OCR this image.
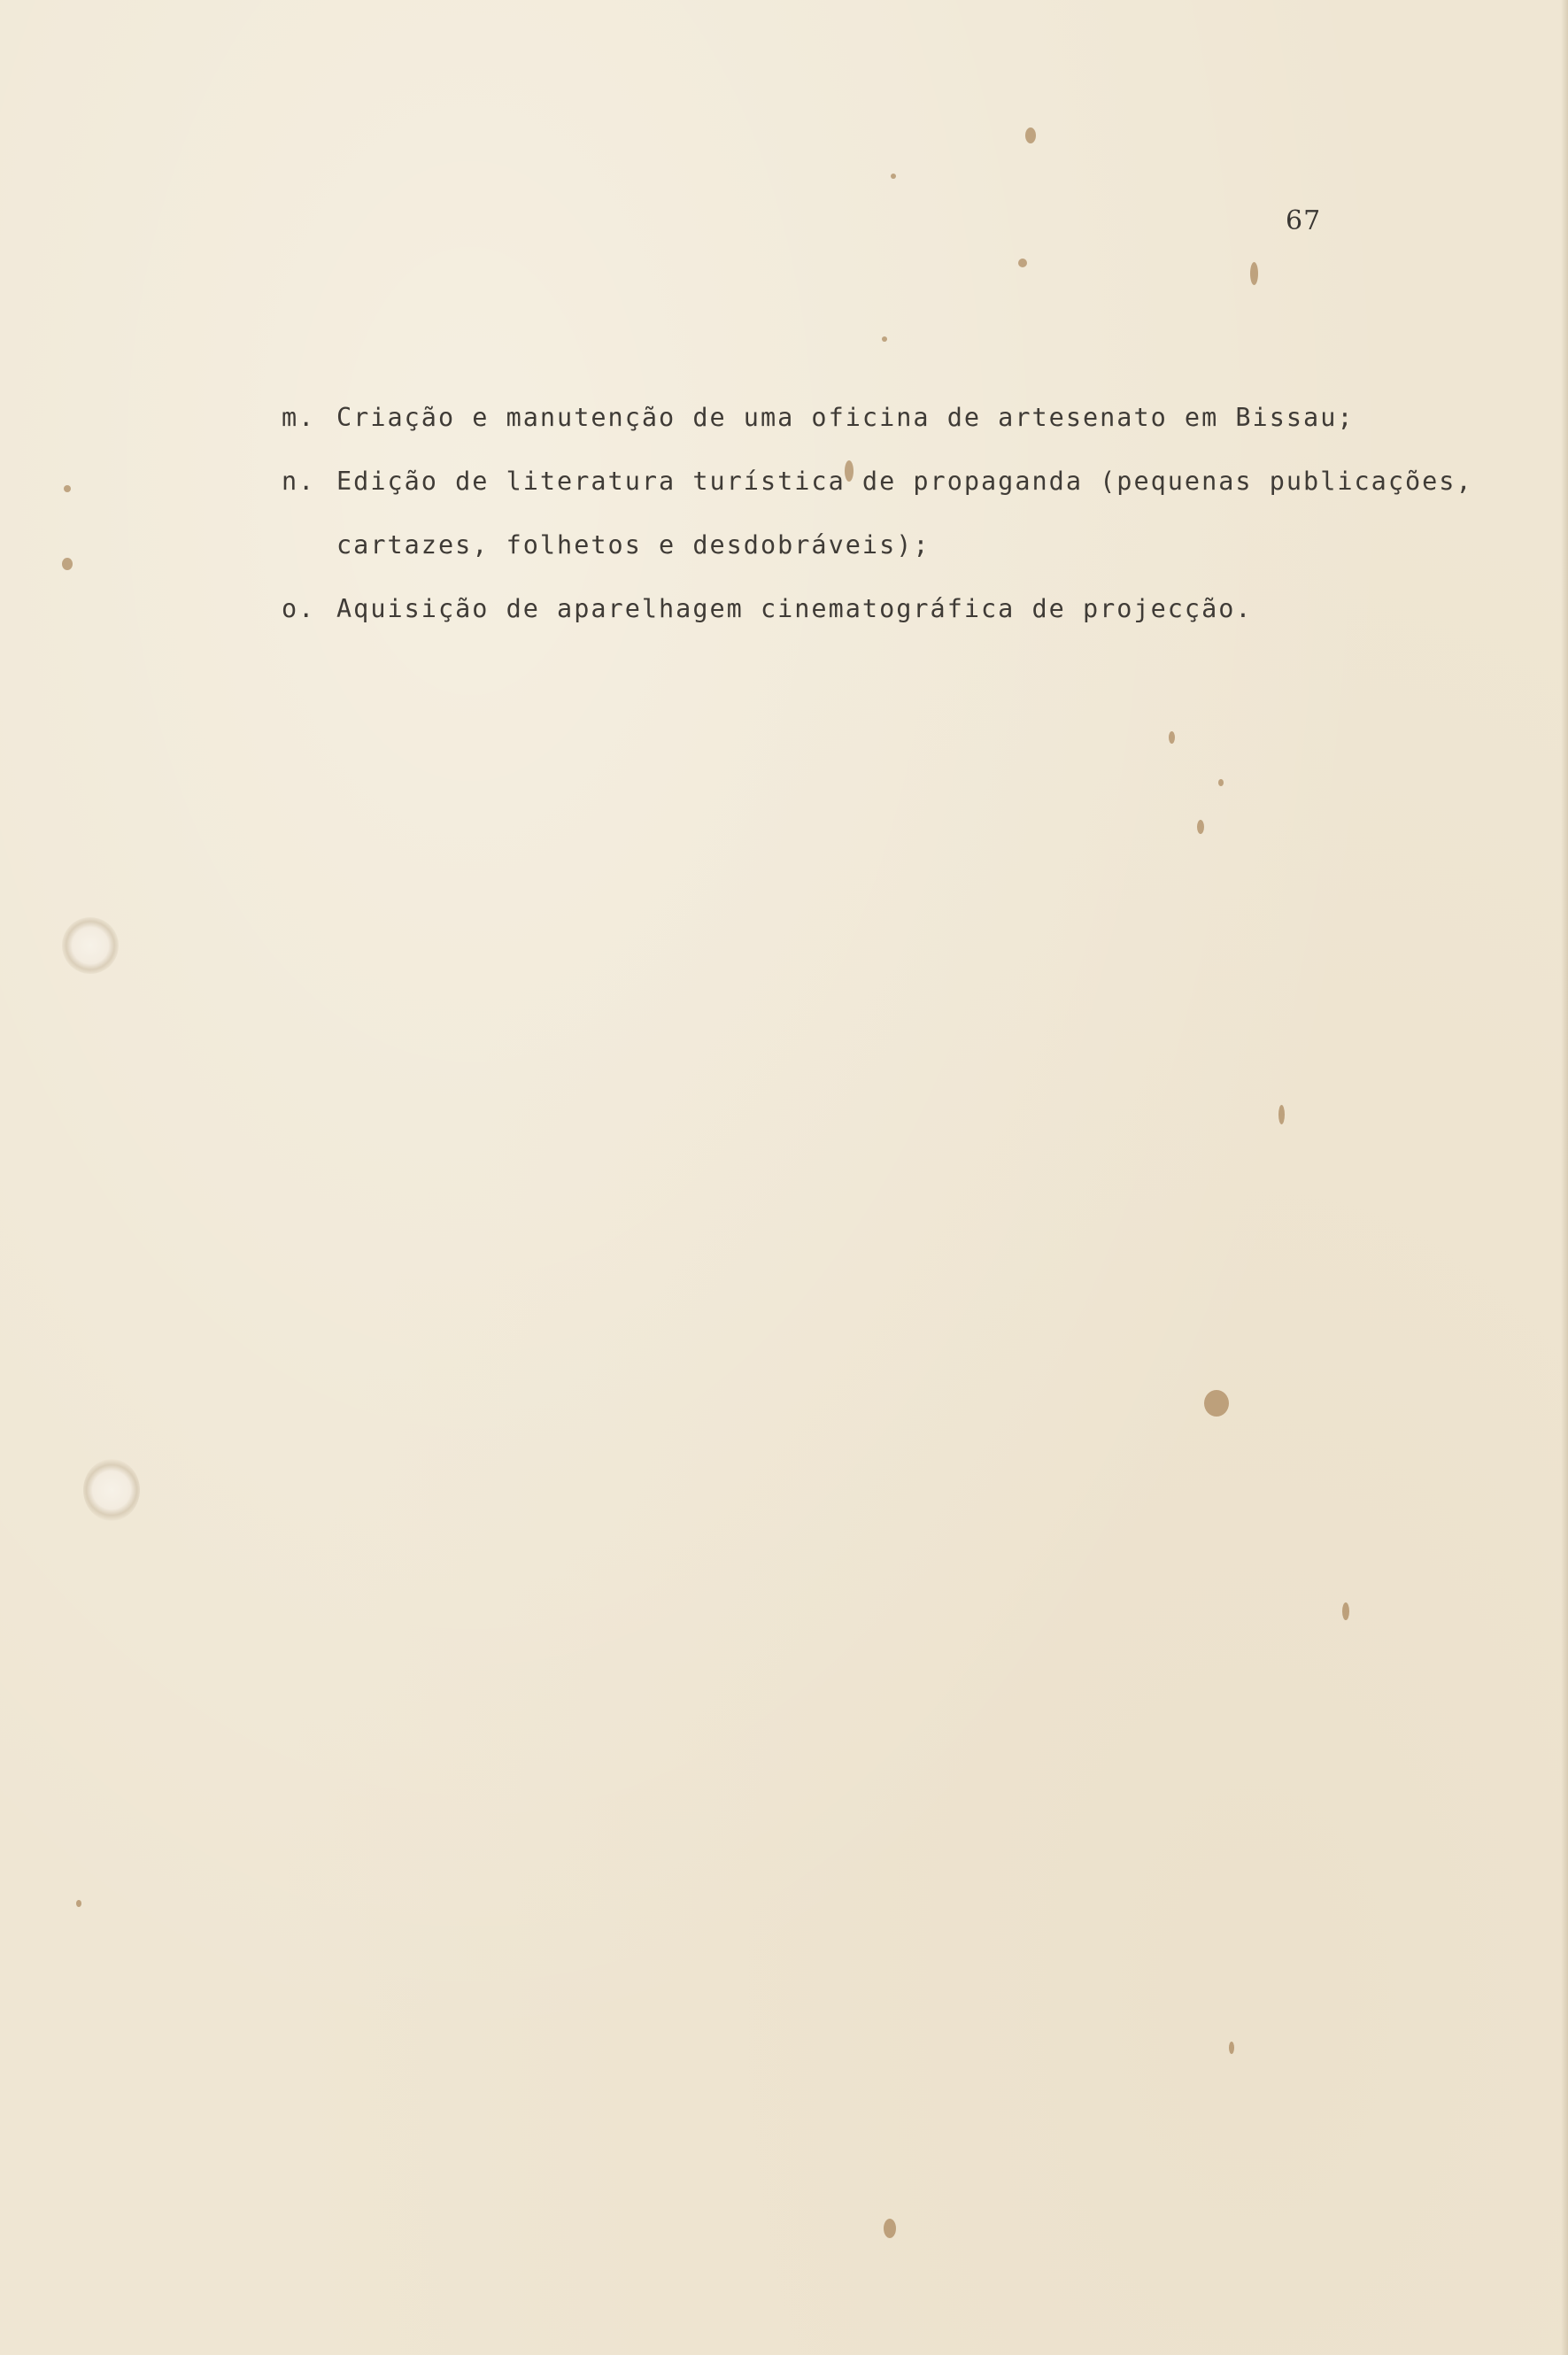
67
m. Criação e manutenção de uma oficina de artesenato em Bissau;
n. Edição de literatura turística de propaganda (pequenas publicações,
cartazes, folhetos e desdobráveis);
o. Aquisição de aparelhagem cinematográfica de projecção.
